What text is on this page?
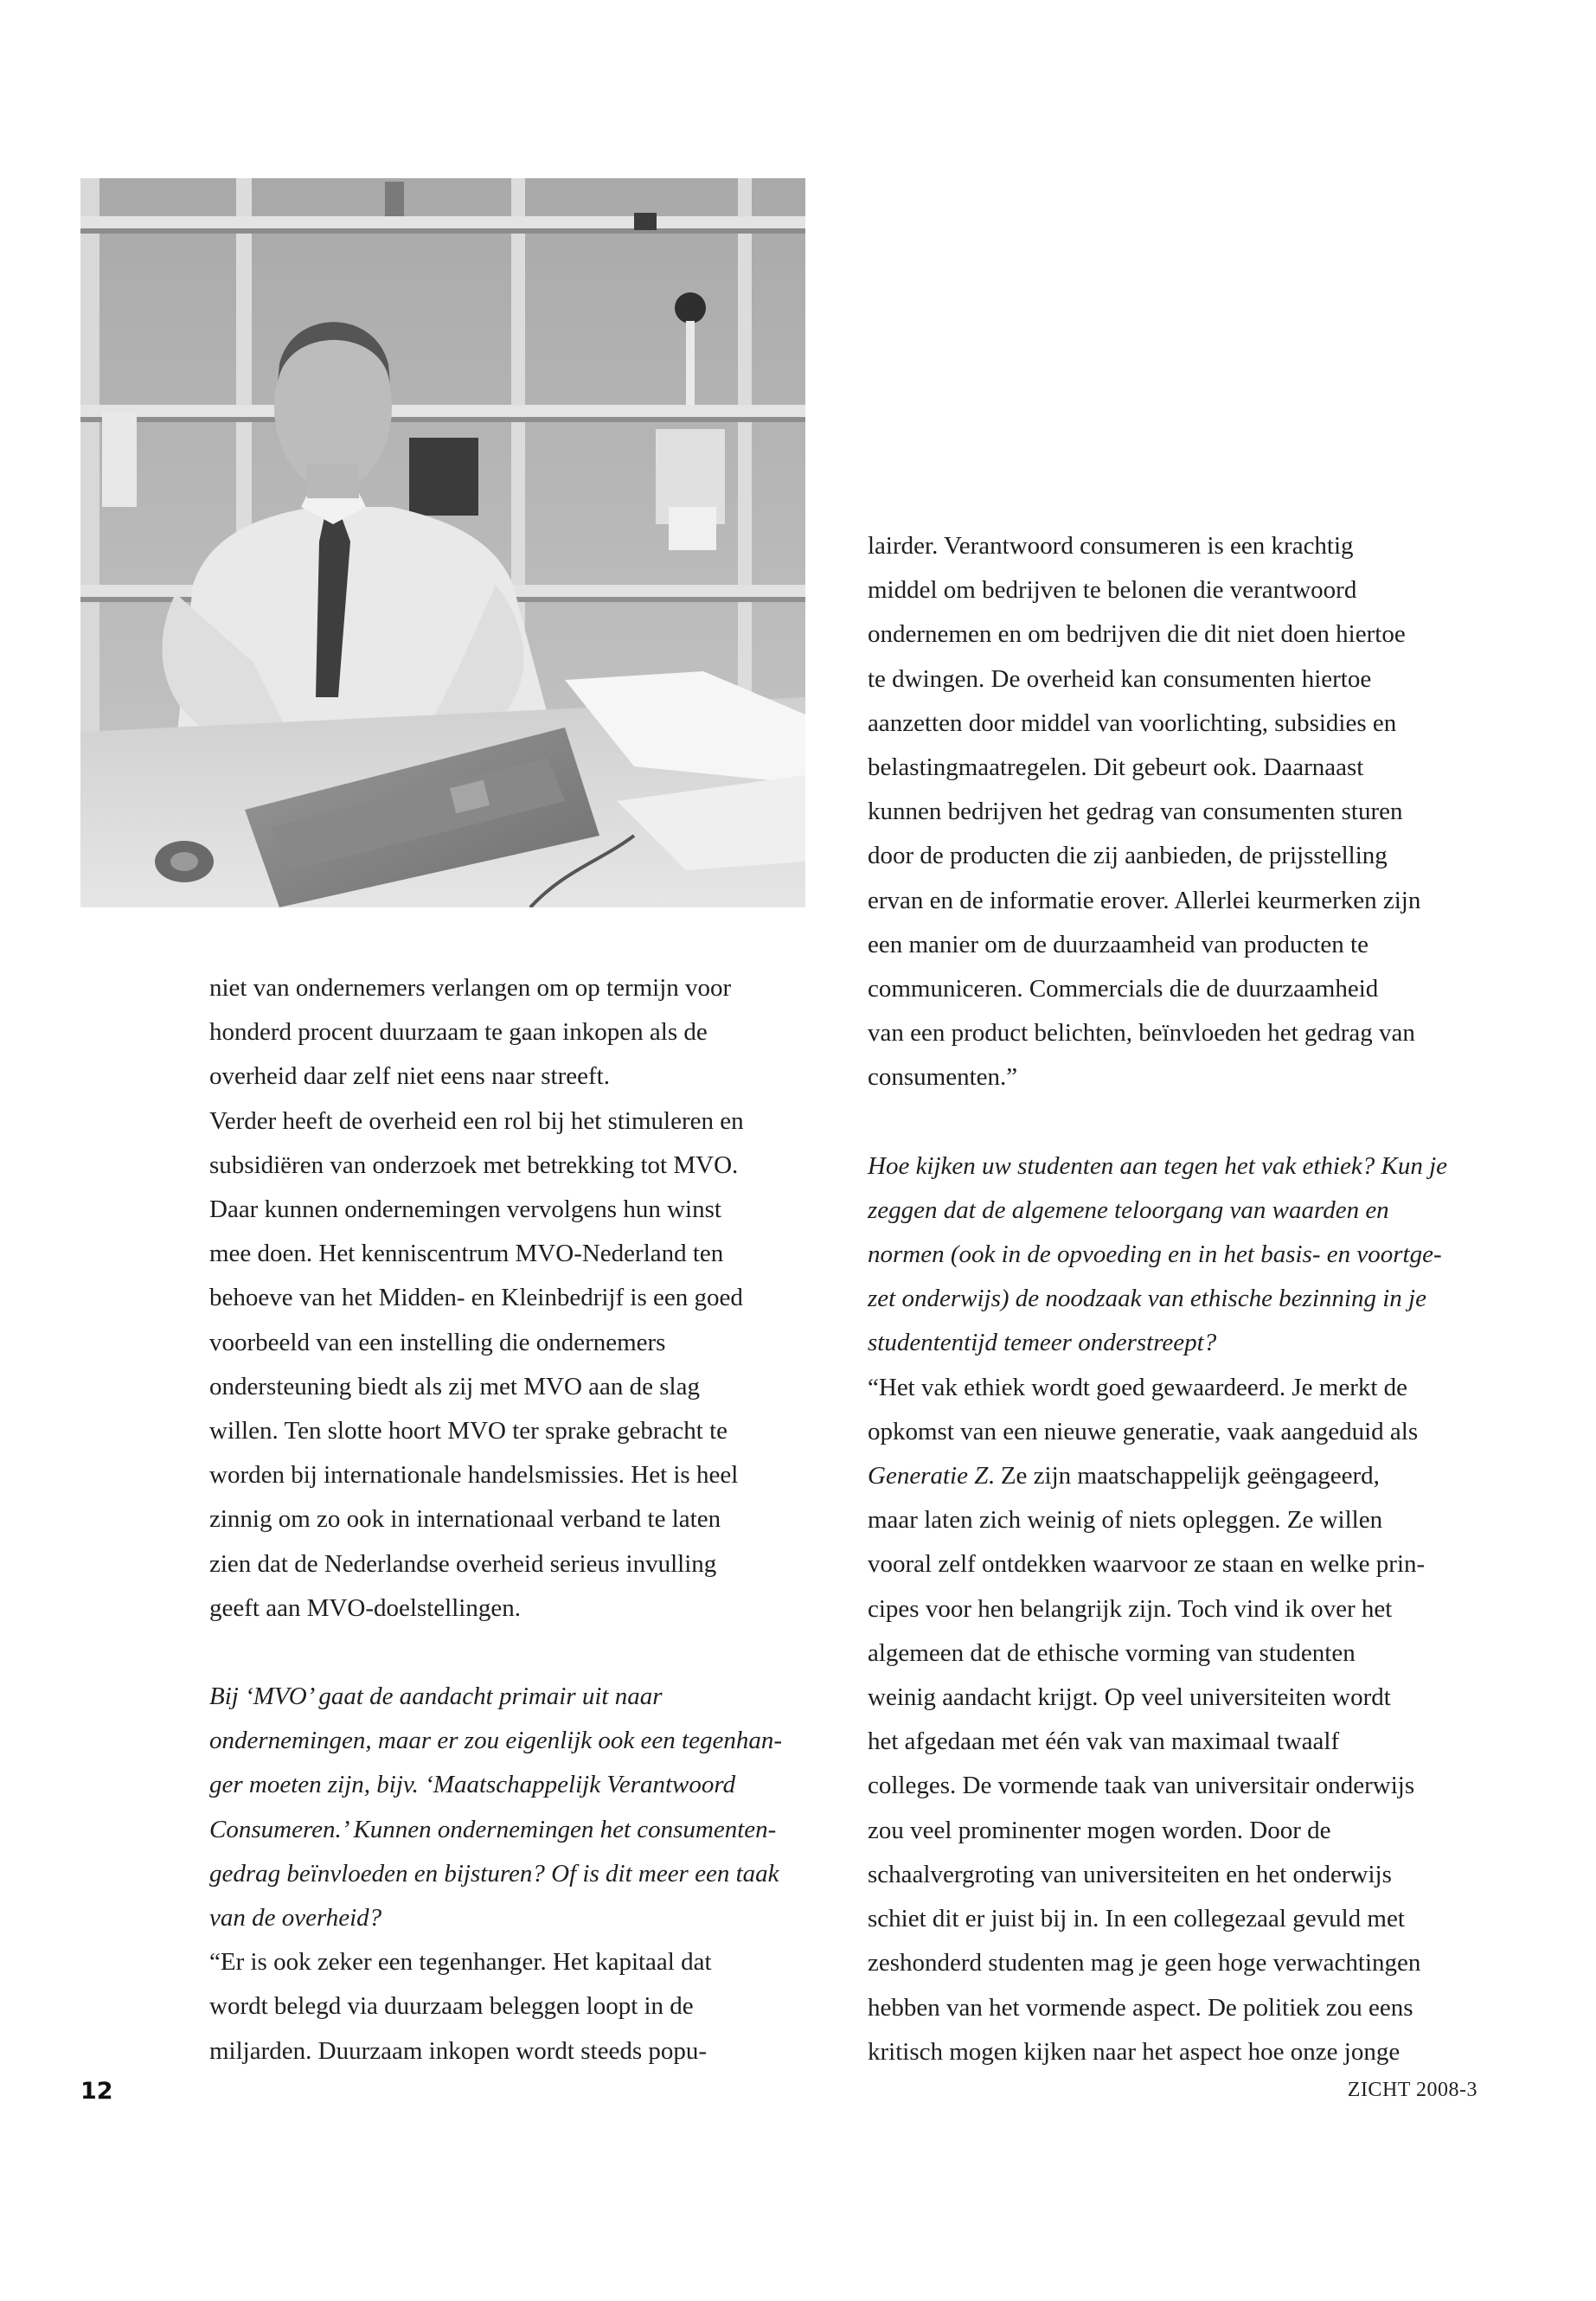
niet van ondernemers verlangen om op termijn voor
honderd procent duurzaam te gaan inkopen als de
overheid daar zelf niet eens naar streeft.

Verder heeft de overheid een rol bij het stimuleren en
subsidiëren van onderzoek met betrekking tot MVO.
Daar kunnen ondernemingen vervolgens hun winst
mee doen. Het kenniscentrum MVO-Nederland ten
behoeve van het Midden- en Kleinbedrijf is een goed
voorbeeld van een instelling die ondernemers
ondersteuning biedt als zij met MVO aan de slag
willen. Ten slotte hoort MVO ter sprake gebracht te
worden bij internationale handelsmissies. Het is heel
zinnig om zo ook in internationaal verband te laten
zien dat de Nederlandse overheid serieus invulling
geeft aan MVO-doelstellingen.

Bij ‘MVO’ gaat de aandacht primair uit naar
ondernemingen, maar er zou eigenlijk ook een tegenhan-
ger moeten zijn, bijv. ‘Maatschappelijk Verantwoord
Consumeren.’ Kunnen ondernemingen het consumenten-
gedrag beïnvloeden en bijsturen? Of is dit meer een taak
van de overheid?

“Er is ook zeker een tegenhanger. Het kapitaal dat
wordt belegd via duurzaam beleggen loopt in de
miljarden. Duurzaam inkopen wordt steeds popu-

lairder. Verantwoord consumeren is een krachtig
middel om bedrijven te belonen die verantwoord
ondernemen en om bedrijven die dit niet doen hiertoe
te dwingen. De overheid kan consumenten hiertoe
aanzetten door middel van voorlichting, subsidies en
belastingmaatregelen. Dit gebeurt ook. Daarnaast
kunnen bedrijven het gedrag van consumenten sturen
door de producten die zij aanbieden, de prijsstelling
ervan en de informatie erover. Allerlei keurmerken zijn
een manier om de duurzaamheid van producten te
communiceren. Commercials die de duurzaamheid
van een product belichten, beïnvloeden het gedrag van
consumenten.”

Hoe kijken uw studenten aan tegen het vak ethiek? Kun je
zeggen dat de algemene teloorgang van waarden en
normen (ook in de opvoeding en in het basis- en voortge-
zet onderwijs) de noodzaak van ethische bezinning in je
studententijd temeer onderstreept?

“Het vak ethiek wordt goed gewaardeerd. Je merkt de
opkomst van een nieuwe generatie, vaak aangeduid als
Generatie Z. Ze zijn maatschappelijk geëngageerd,
maar laten zich weinig of niets opleggen. Ze willen
vooral zelf ontdekken waarvoor ze staan en welke prin-
cipes voor hen belangrijk zijn. Toch vind ik over het
algemeen dat de ethische vorming van studenten
weinig aandacht krijgt. Op veel universiteiten wordt
het afgedaan met één vak van maximaal twaalf
colleges. De vormende taak van universitair onderwijs
zou veel prominenter mogen worden. Door de
schaalvergroting van universiteiten en het onderwijs
schiet dit er juist bij in. In een collegezaal gevuld met
zeshonderd studenten mag je geen hoge verwachtingen
hebben van het vormende aspect. De politiek zou eens
kritisch mogen kijken naar het aspect hoe onze jonge

12	ZICHT 2008-3
